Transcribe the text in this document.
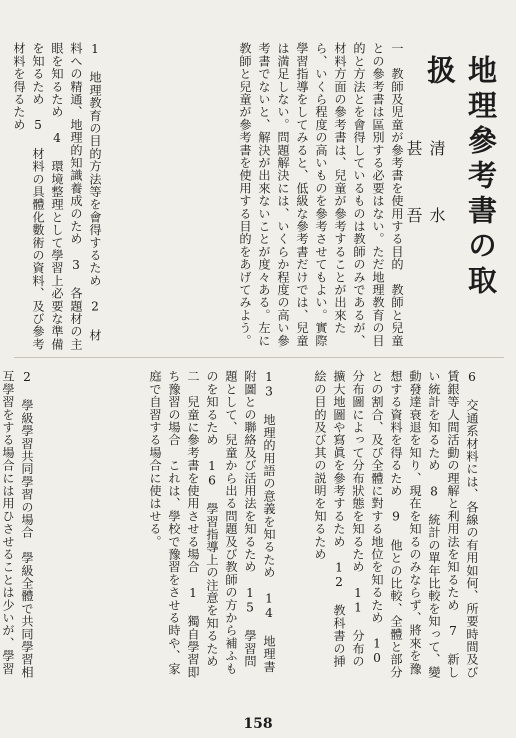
地理參考書の取扱
清 水 甚 吾
一　教師及児童が參考書を使用する目的　教師と兒童との參考書は區別する必要はない。ただ地理教育の目的と方法とを會得しているものは教師のみであるが、材料方面の參考書は、兒童が參考することが出來たら、いくら程度の高いものを參考させてもよい。實際學習指導をしてみると、低級な參考書だけでは、兒童は満足しない。問題解決には、いくらか程度の高い參考書でないと、解決が出來ないことが度々ある。左に教師と兒童が參考書を使用する目的をあげてみよう。
1 地理教育の目的方法等を會得するため　2 材料への精通、地理的知識養成のため　3 各題材の主眼を知るため　4 環境整理として學習上必要な準備を知るため　5 材料の具體化數術の資料、及び參考材料を得るため
6 交通系材料には、各線の有用如何、所要時間及び賃銀等人間活動の理解と利用法を知るため　7 新しい統計を知るため　8 統計の單年比較を知って、變動發達衰退を知り、現在を知るのみならず、將來を豫想する資料を得るため　9 他との比較、全體と部分との割合、及び全體に對する地位を知るため　10 分布圖によって分布狀態を知るため　11 分布の擴大地圖や寫眞を參考するため　12 教科書の挿絵の目的及び其の説明を知るため
13 地理的用語の意義を知るため　14 地理書附圖との聯絡及び活用法を知るため　15 學習問題として、兒童から出る問題及び教師の方から補ふものを知るため　16 學習指導上の注意を知るため　二　兒童に參考書を使用させる場合　1 獨自學習即ち豫習の場合　これは、學校で豫習をさせる時や、家庭で自習する場合に使はせる。
2 學級學習共同學習の場合　學級全體で共同學習相互學習をする場合には用ひさせることは少いが、學習　 　　　　 　 　 　 　 　
158
